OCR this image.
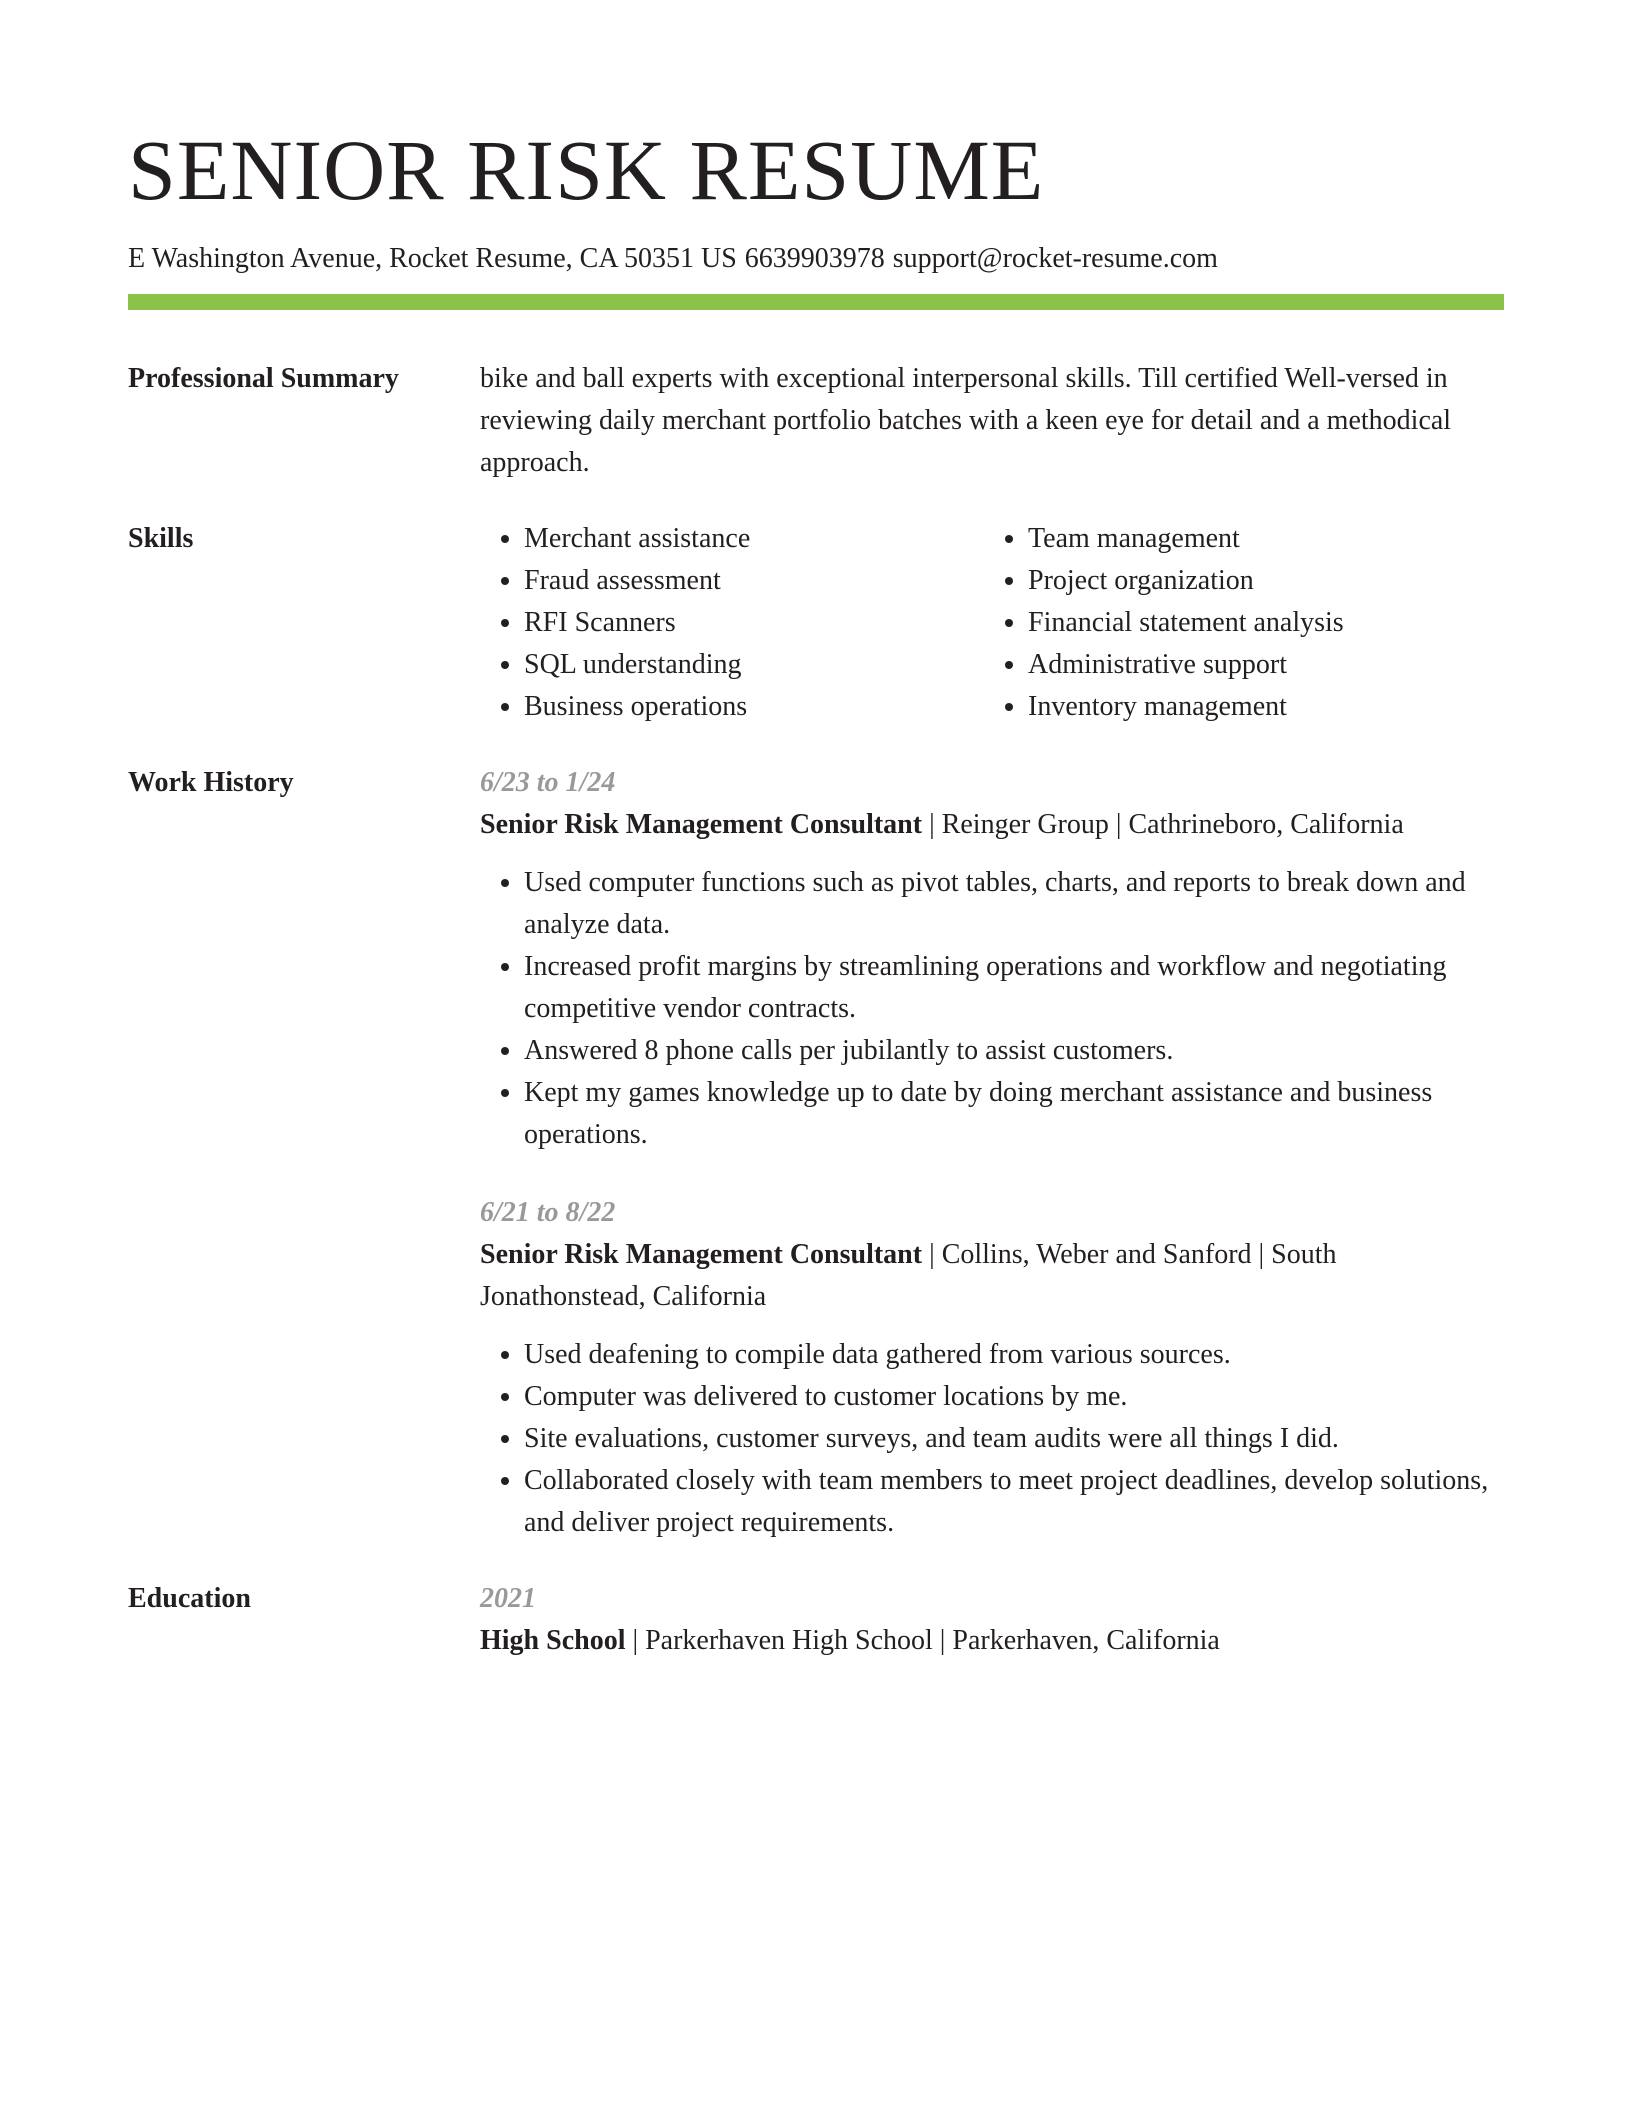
SENIOR RISK RESUME
E Washington Avenue, Rocket Resume, CA 50351 US 6639903978 support@rocket-resume.com
Professional Summary	bike and ball experts with exceptional interpersonal skills. Till certified Well-versed in reviewing daily merchant portfolio batches with a keen eye for detail and a methodical approach.

Skills
•	Merchant assistance
• Fraud assessment
• RFI Scanners
• SQL understanding
• Business operations
• Team management
• Project organization
• Financial statement analysis
• Administrative support
• Inventory management
Work History	6/23 to 1/24
Senior Risk Management Consultant | Reinger Group | Cathrineboro, California
• Used computer functions such as pivot tables, charts, and reports to break down and analyze data.
• Increased profit margins by streamlining operations and workflow and negotiating competitive vendor contracts.
• Answered 8 phone calls per jubilantly to assist customers.
• Kept my games knowledge up to date by doing merchant assistance and business operations.
6/21 to 8/22
Senior Risk Management Consultant | Collins, Weber and Sanford | South Jonathonstead, California
• Used deafening to compile data gathered from various sources.
• Computer was delivered to customer locations by me.
• Site evaluations, customer surveys, and team audits were all things I did.
• Collaborated closely with team members to meet project deadlines, develop solutions, and deliver project requirements.
Education	2021
High School | Parkerhaven High School | Parkerhaven, California
